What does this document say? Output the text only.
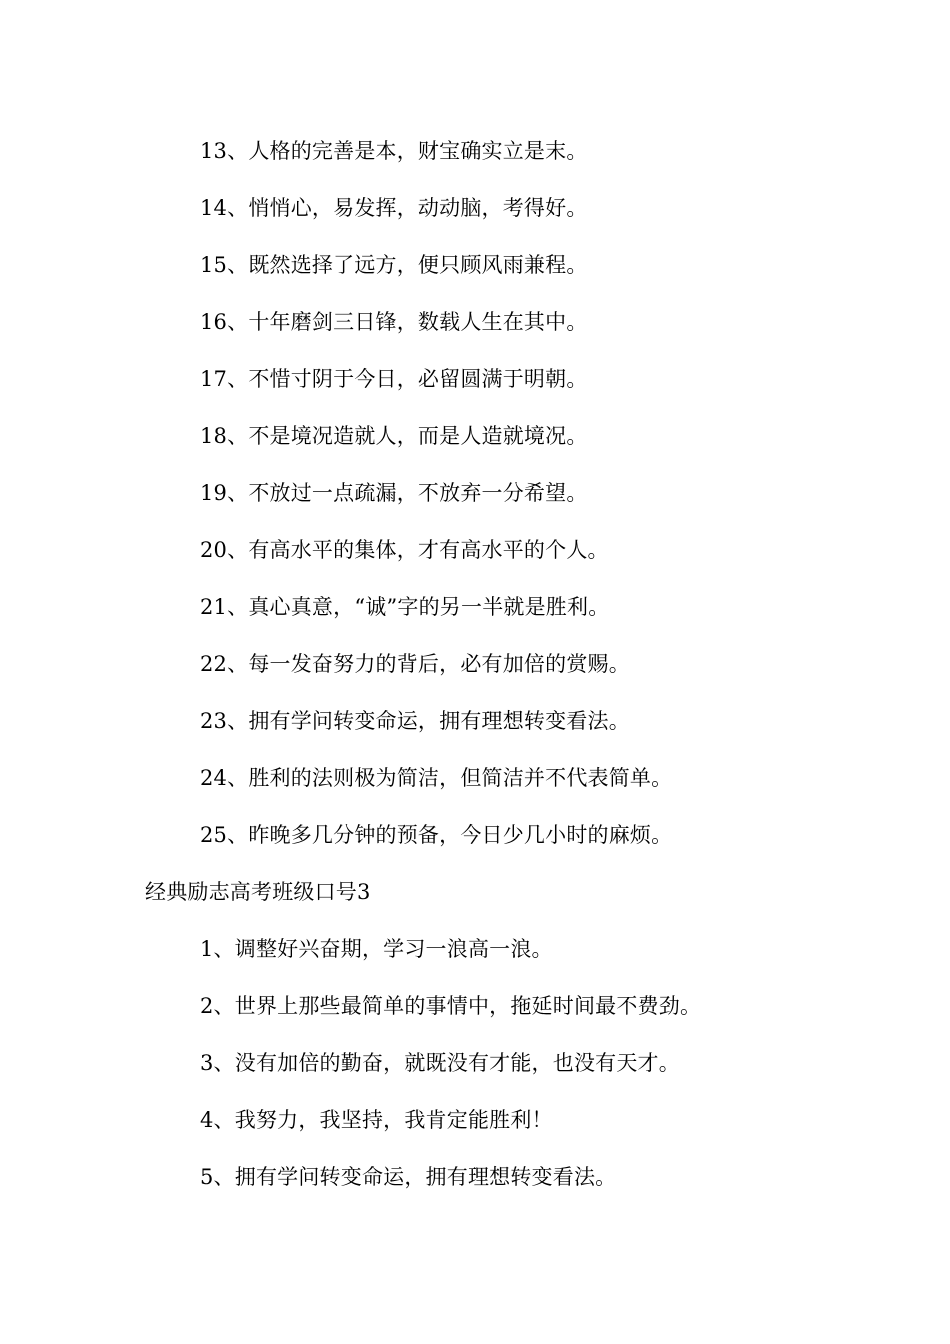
13、人格的完善是本，财宝确实立是末。
14、悄悄心，易发挥，动动脑，考得好。
15、既然选择了远方，便只顾风雨兼程。
16、十年磨剑三日锋，数载人生在其中。
17、不惜寸阴于今日，必留圆满于明朝。
18、不是境况造就人，而是人造就境况。
19、不放过一点疏漏，不放弃一分希望。
20、有高水平的集体，才有高水平的个人。
21、真心真意，“诚”字的另一半就是胜利。
22、每一发奋努力的背后，必有加倍的赏赐。
23、拥有学问转变命运，拥有理想转变看法。
24、胜利的法则极为简洁，但简洁并不代表简单。
25、昨晚多几分钟的预备，今日少几小时的麻烦。
经典励志高考班级口号3
1、调整好兴奋期，学习一浪高一浪。
2、世界上那些最简单的事情中，拖延时间最不费劲。
3、没有加倍的勤奋，就既没有才能，也没有天才。
4、我努力，我坚持，我肯定能胜利！
5、拥有学问转变命运，拥有理想转变看法。
